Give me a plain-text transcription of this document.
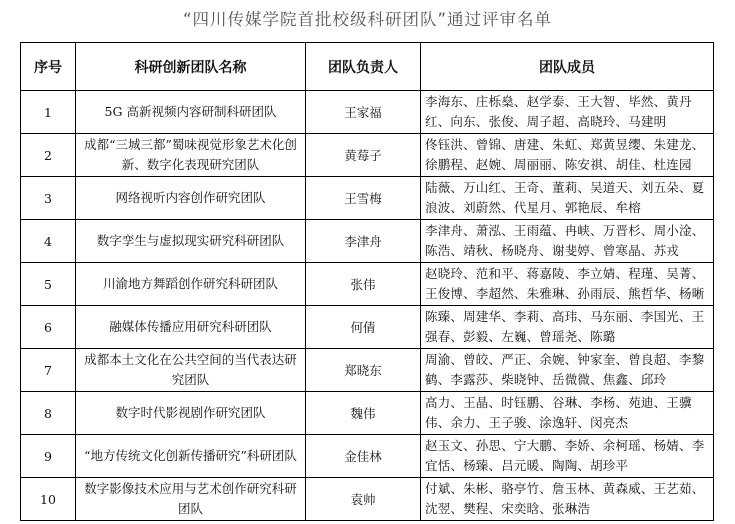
“四川传媒学院首批校级科研团队”通过评审名单
序号	科研创新团队名称	团队负责人	团队成员
1	5G 高新视频内容研制科研团队	王家福	李海东、庄栎燊、赵学泰、王大智、毕然、黄丹红、向东、张俊、周子超、高晓玲、马建明
2	成都“三城三都”蜀味视觉形象艺术化创新、数字化表现研究团队	黄莓子	佟钰洪、曾锦、唐建、朱虹、郑黄昱缨、朱建龙、徐鹏程、赵婉、周丽丽、陈安祺、胡佳、杜连园
3	网络视听内容创作研究团队	王雪梅	陆薇、万山红、王奇、董莉、吴道天、刘五朵、夏浪波、刘蔚然、代星月、郭艳辰、牟榕
4	数字孪生与虚拟现实研究科研团队	李津舟	李津舟、萧泓、王雨蕴、冉峡、万晋杉、周小淦、陈浩、靖秋、杨晓舟、谢斐婷、曾寒晶、苏戎
5	川渝地方舞蹈创作研究科研团队	张伟	赵晓玲、范和平、蒋嘉陵、李立婧、程瑾、吴菁、王俊博、李超然、朱雅琳、孙雨辰、熊哲华、杨晰
6	融媒体传播应用研究科研团队	何倩	陈臻、周建华、李莉、高玮、马东丽、李国光、王强春、彭毅、左巍、曾瑶尧、陈璐
7	成都本土文化在公共空间的当代表达研究团队	郑晓东	周渝、曾皎、严正、余婉、钟家奎、曾良超、李黎鹤、李露莎、柴晓钟、岳微微、焦鑫、邱玲
8	数字时代影视剧作研究团队	魏伟	高力、王晶、时钰鹏、谷琳、李杨、苑迪、王骥伟、余力、王子骏、涂逸轩、闵亮杰
9	“地方传统文化创新传播研究”科研团队	金佳林	赵玉文、孙思、宁大鹏、李娇、余柯瑶、杨婧、李宜恬、杨臻、吕元暖、陶陶、胡珍平
10	数字影像技术应用与艺术创作研究科研团队	袁帅	付斌、朱彬、骆亭竹、詹玉林、黄森威、王艺茹、沈翌、樊程、宋奕晗、张琳浩
